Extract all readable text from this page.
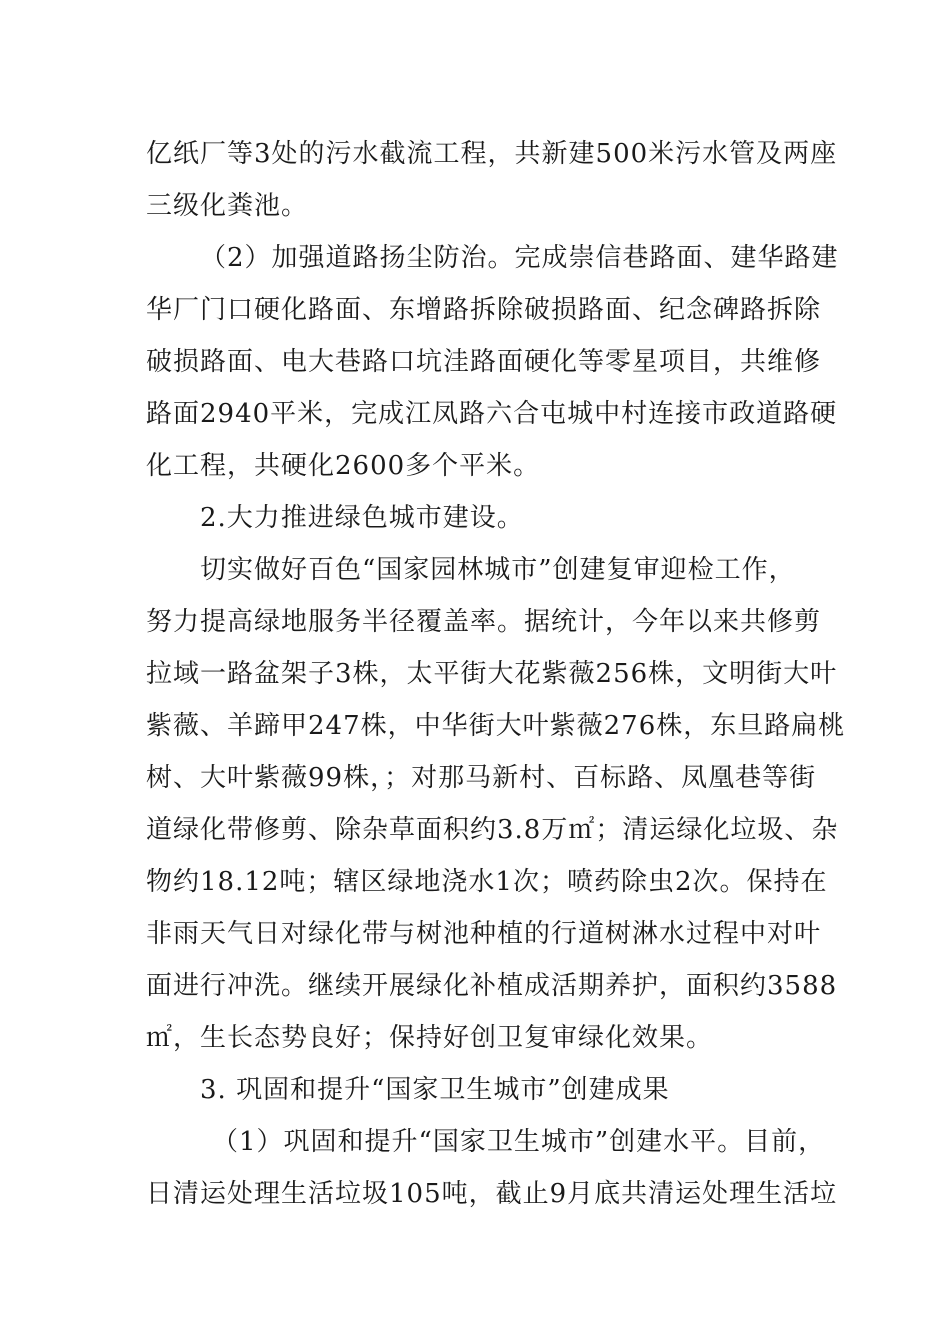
亿纸厂等3处的污水截流工程，共新建500米污水管及两座
三级化粪池。
（2）加强道路扬尘防治。完成崇信巷路面、建华路建
华厂门口硬化路面、东增路拆除破损路面、纪念碑路拆除
破损路面、电大巷路口坑洼路面硬化等零星项目，共维修
路面2940平米，完成江凤路六合屯城中村连接市政道路硬
化工程，共硬化2600多个平米。
2.大力推进绿色城市建设。
切实做好百色“国家园林城市”创建复审迎检工作，
努力提高绿地服务半径覆盖率。据统计，今年以来共修剪
拉域一路盆架子3株，太平街大花紫薇256株，文明街大叶
紫薇、羊蹄甲247株，中华街大叶紫薇276株，东旦路扁桃
树、大叶紫薇99株，；对那马新村、百标路、凤凰巷等街
道绿化带修剪、除杂草面积约3.8万㎡；清运绿化垃圾、杂
物约18.12吨；辖区绿地浇水1次；喷药除虫2次。保持在
非雨天气日对绿化带与树池种植的行道树淋水过程中对叶
面进行冲洗。继续开展绿化补植成活期养护，面积约3588
㎡，生长态势良好；保持好创卫复审绿化效果。
3. 巩固和提升“国家卫生城市”创建成果
（1）巩固和提升“国家卫生城市”创建水平。目前，
日清运处理生活垃圾105吨，截止9月底共清运处理生活垃
